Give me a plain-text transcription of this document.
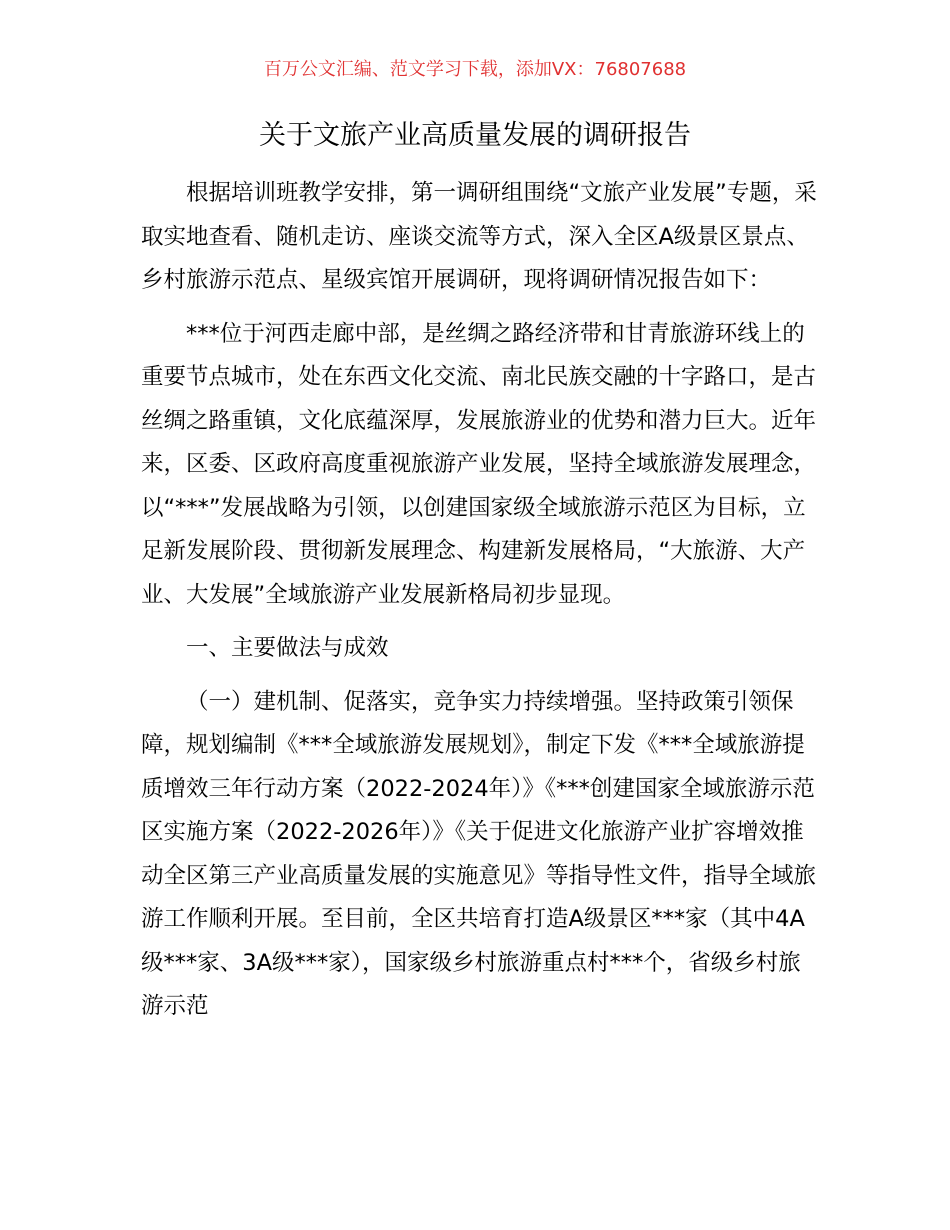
百万公文汇编、范文学习下载，添加VX：76807688
关于文旅产业高质量发展的调研报告

根据培训班教学安排，第一调研组围绕“文旅产业发展”专题，采取实地查看、随机走访、座谈交流等方式，深入全区A级景区景点、乡村旅游示范点、星级宾馆开展调研，现将调研情况报告如下：

***位于河西走廊中部，是丝绸之路经济带和甘青旅游环线上的重要节点城市，处在东西文化交流、南北民族交融的十字路口，是古丝绸之路重镇，文化底蕴深厚，发展旅游业的优势和潜力巨大。近年来，区委、区政府高度重视旅游产业发展，坚持全域旅游发展理念，以“***”发展战略为引领，以创建国家级全域旅游示范区为目标，立足新发展阶段、贯彻新发展理念、构建新发展格局，“大旅游、大产业、大发展”全域旅游产业发展新格局初步显现。

一、主要做法与成效

（一）建机制、促落实，竞争实力持续增强。坚持政策引领保障，规划编制《***全域旅游发展规划》，制定下发《***全域旅游提质增效三年行动方案（2022-2024年）》《***创建国家全域旅游示范区实施方案（2022-2026年）》《关于促进文化旅游产业扩容增效推动全区第三产业高质量发展的实施意见》等指导性文件，指导全域旅游工作顺利开展。至目前，全区共培育打造A级景区***家（其中4A级***家、3A级***家），国家级乡村旅游重点村***个，省级乡村旅游示范
